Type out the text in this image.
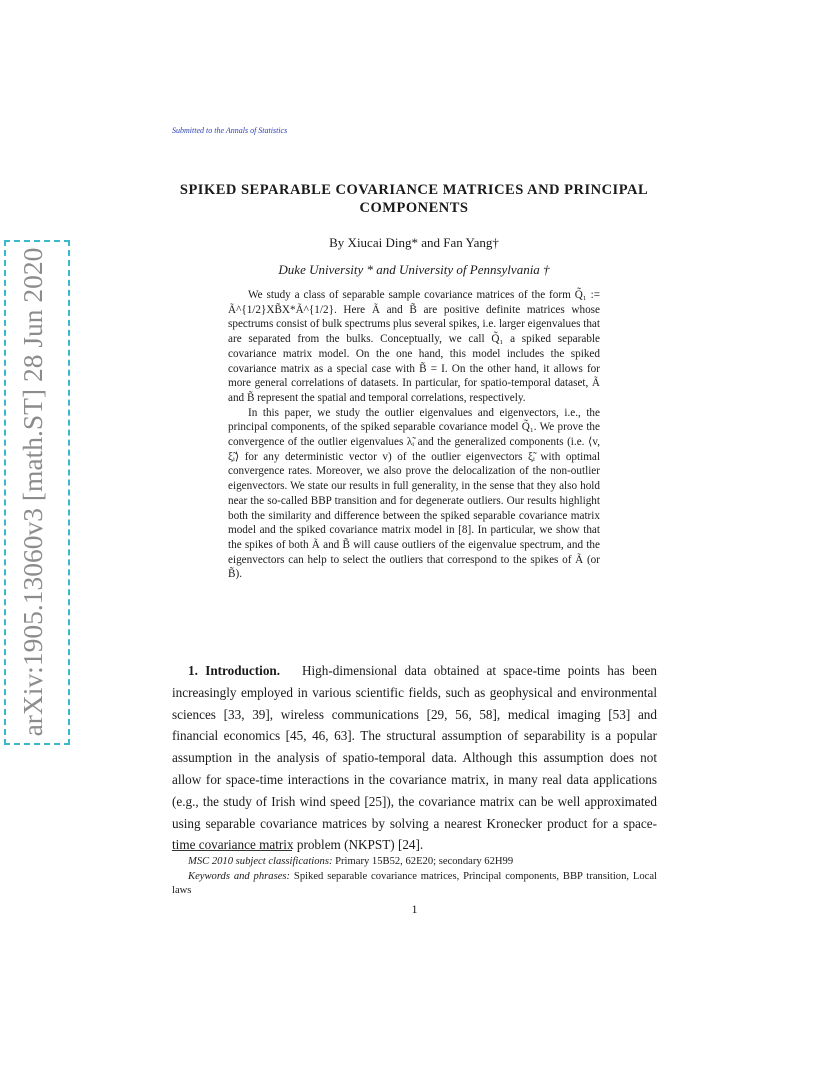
arXiv:1905.13060v3 [math.ST] 28 Jun 2020
Submitted to the Annals of Statistics
SPIKED SEPARABLE COVARIANCE MATRICES AND PRINCIPAL COMPONENTS
By Xiucai Ding* and Fan Yang†
Duke University * and University of Pennsylvania †

We study a class of separable sample covariance matrices of the form Q̃₁ := Ã^{1/2}XB̃X*Ã^{1/2}. Here Ã and B̃ are positive definite matrices whose spectrums consist of bulk spectrums plus several spikes, i.e. larger eigenvalues that are separated from the bulks. Conceptually, we call Q̃₁ a spiked separable covariance matrix model. On the one hand, this model includes the spiked covariance matrix as a special case with B̃ = I. On the other hand, it allows for more general correlations of datasets. In particular, for spatio-temporal dataset, Ã and B̃ represent the spatial and temporal correlations, respectively.

In this paper, we study the outlier eigenvalues and eigenvectors, i.e., the principal components, of the spiked separable covariance model Q̃₁. We prove the convergence of the outlier eigenvalues λ̃ᵢ and the generalized components (i.e. ⟨v, ξ̃ᵢ⟩ for any deterministic vector v) of the outlier eigenvectors ξ̃ᵢ with optimal convergence rates. Moreover, we also prove the delocalization of the non-outlier eigenvectors. We state our results in full generality, in the sense that they also hold near the so-called BBP transition and for degenerate outliers. Our results highlight both the similarity and difference between the spiked separable covariance matrix model and the spiked covariance matrix model in [8]. In particular, we show that the spikes of both Ã and B̃ will cause outliers of the eigenvalue spectrum, and the eigenvectors can help to select the outliers that correspond to the spikes of Ã (or B̃).

1. Introduction. High-dimensional data obtained at space-time points has been increasingly employed in various scientific fields, such as geophysical and environmental sciences [33, 39], wireless communications [29, 56, 58], medical imaging [53] and financial economics [45, 46, 63]. The structural assumption of separability is a popular assumption in the analysis of spatio-temporal data. Although this assumption does not allow for space-time interactions in the covariance matrix, in many real data applications (e.g., the study of Irish wind speed [25]), the covariance matrix can be well approximated using separable covariance matrices by solving a nearest Kronecker product for a space-time covariance matrix problem (NKPST) [24].

MSC 2010 subject classifications: Primary 15B52, 62E20; secondary 62H99

Keywords and phrases: Spiked separable covariance matrices, Principal components, BBP transition, Local laws

1
